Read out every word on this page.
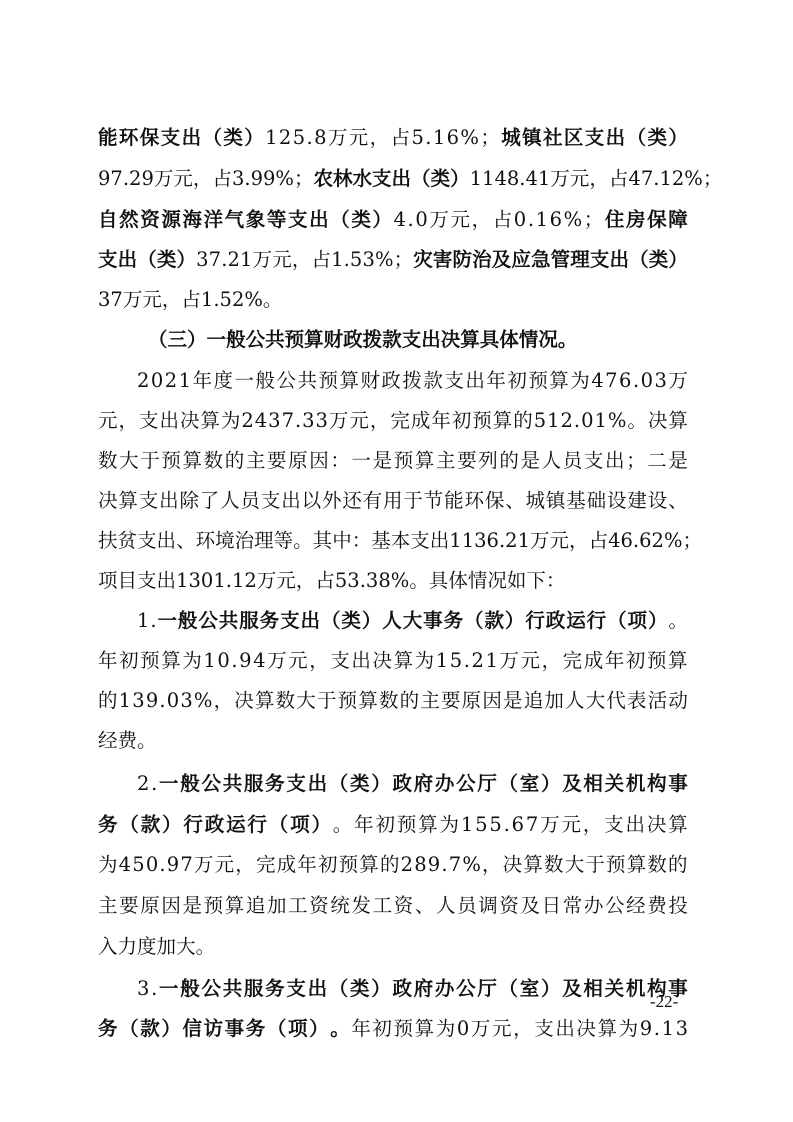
能 环 保 支 出 （ 类 ） 1 2 5 . 8 万 元 ， 占 5 . 1 6 % ； 城 镇 社 区 支 出 （ 类 ）
9 7 . 2 9 万 元 ， 占 3 . 9 9 % ； 农 林 水 支 出 （ 类 ） 1 1 4 8 . 4 1 万 元 ， 占 4 7 . 1 2 % ；
自 然 资 源 海 洋 气 象 等 支 出 （ 类 ） 4 . 0 万 元 ， 占 0 . 1 6 % ； 住 房 保 障
支 出 （ 类 ） 3 7 . 2 1 万 元 ， 占 1 . 5 3 % ； 灾 害 防 治 及 应 急 管 理 支 出 （ 类 ）
3 7 万 元 ， 占 1 . 5 2 % 。
（ 三 ） 一 般 公 共 预 算 财 政 拨 款 支 出 决 算 具 体 情 况 。
2 0 2 1 年 度 一 般 公 共 预 算 财 政 拨 款 支 出 年 初 预 算 为 4 7 6 . 0 3 万
元 ， 支 出 决 算 为 2 4 3 7 . 3 3 万 元 ， 完 成 年 初 预 算 的 5 1 2 . 0 1 % 。 决 算
数 大 于 预 算 数 的 主 要 原 因 ： 一 是 预 算 主 要 列 的 是 人 员 支 出 ； 二 是
决 算 支 出 除 了 人 员 支 出 以 外 还 有 用 于 节 能 环 保 、 城 镇 基 础 设 建 设 、
扶 贫 支 出 、 环 境 治 理 等 。 其 中 ： 基 本 支 出 1 1 3 6 . 2 1 万 元 ， 占 4 6 . 6 2 % ；
项 目 支 出 1 3 0 1 . 1 2 万 元 ， 占 5 3 . 3 8 % 。 具 体 情 况 如 下 ：
1 . 一 般 公 共 服 务 支 出 （ 类 ） 人 大 事 务 （ 款 ） 行 政 运 行 （ 项 ） 。
年 初 预 算 为 1 0 . 9 4 万 元 ， 支 出 决 算 为 1 5 . 2 1 万 元 ， 完 成 年 初 预 算
的 1 3 9 . 0 3 % ， 决 算 数 大 于 预 算 数 的 主 要 原 因 是 追 加 人 大 代 表 活 动
经 费 。
2 . 一 般 公 共 服 务 支 出 （ 类 ） 政 府 办 公 厅 （ 室 ） 及 相 关 机 构 事
务 （ 款 ） 行 政 运 行 （ 项 ） 。 年 初 预 算 为 1 5 5 . 6 7 万 元 ， 支 出 决 算
为 4 5 0 . 9 7 万 元 ， 完 成 年 初 预 算 的 2 8 9 . 7 % ， 决 算 数 大 于 预 算 数 的
主 要 原 因 是 预 算 追 加 工 资 统 发 工 资 、 人 员 调 资 及 日 常 办 公 经 费 投
入 力 度 加 大 。
3 . 一 般 公 共 服 务 支 出 （ 类 ） 政 府 办 公 厅 （ 室 ） 及 相 关 机 构 事
务 （ 款 ） 信 访 事 务 （ 项 ） 。 年 初 预 算 为 0 万 元 ， 支 出 决 算 为 9 . 1 3
-22-
